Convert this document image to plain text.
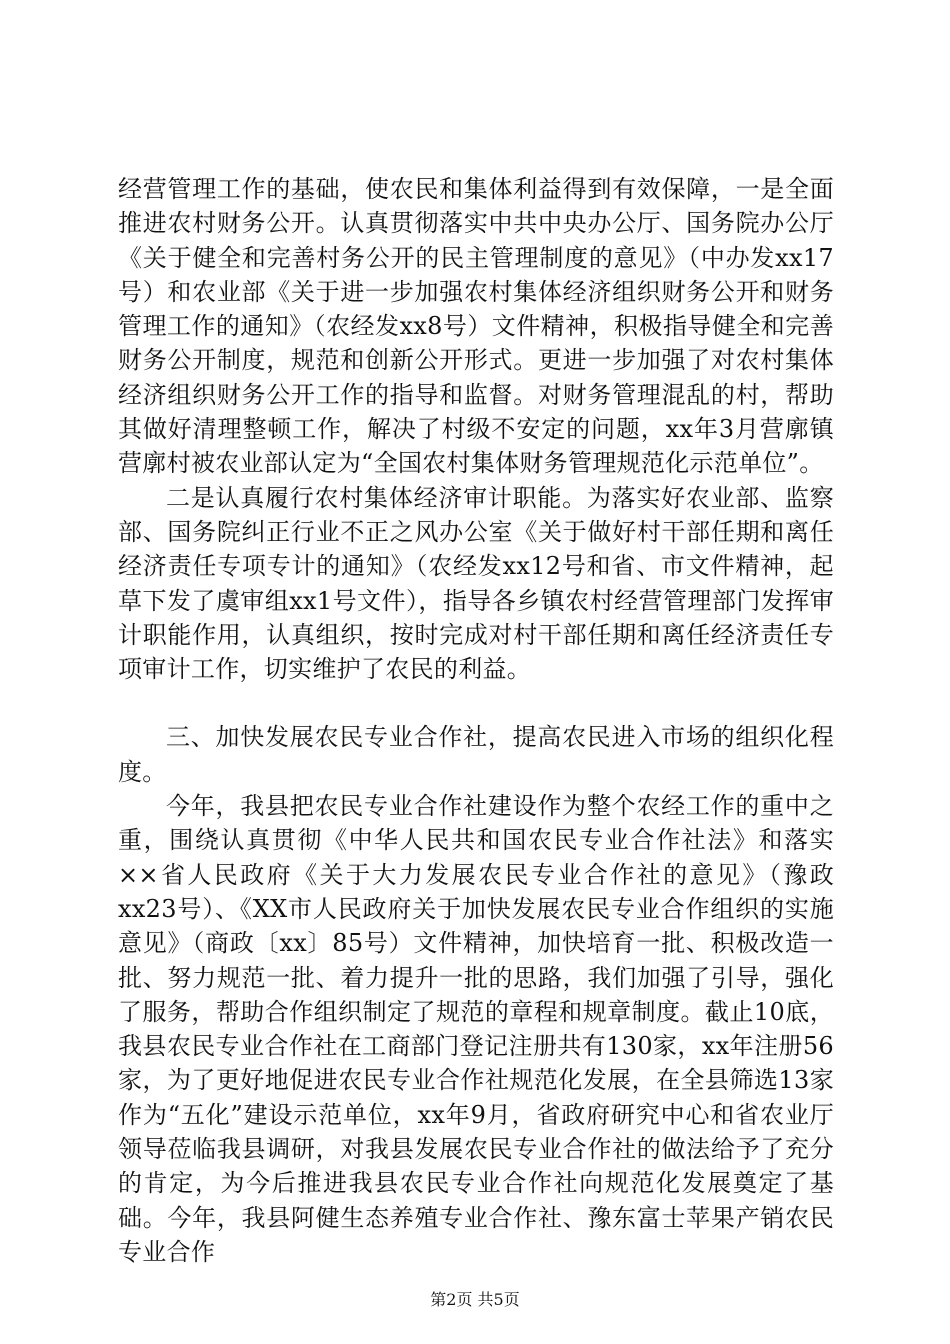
经营管理工作的基础，使农民和集体利益得到有效保障，一是全面推进农村财务公开。认真贯彻落实中共中央办公厅、国务院办公厅《关于健全和完善村务公开的民主管理制度的意见》（中办发xx17号）和农业部《关于进一步加强农村集体经济组织财务公开和财务管理工作的通知》（农经发xx8号）文件精神，积极指导健全和完善财务公开制度，规范和创新公开形式。更进一步加强了对农村集体经济组织财务公开工作的指导和监督。对财务管理混乱的村，帮助其做好清理整顿工作，解决了村级不安定的问题，xx年3月营廓镇营廓村被农业部认定为“全国农村集体财务管理规范化示范单位”。

二是认真履行农村集体经济审计职能。为落实好农业部、监察部、国务院纠正行业不正之风办公室《关于做好村干部任期和离任经济责任专项专计的通知》（农经发xx12号和省、市文件精神，起草下发了虞审组xx1号文件），指导各乡镇农村经营管理部门发挥审计职能作用，认真组织，按时完成对村干部任期和离任经济责任专项审计工作，切实维护了农民的利益。

三、加快发展农民专业合作社，提高农民进入市场的组织化程度。

今年，我县把农民专业合作社建设作为整个农经工作的重中之重，围绕认真贯彻《中华人民共和国农民专业合作社法》和落实××省人民政府《关于大力发展农民专业合作社的意见》（豫政xx23号）、《XX市人民政府关于加快发展农民专业合作组织的实施意见》（商政〔xx〕85号）文件精神，加快培育一批、积极改造一批、努力规范一批、着力提升一批的思路，我们加强了引导，强化了服务，帮助合作组织制定了规范的章程和规章制度。截止10底，我县农民专业合作社在工商部门登记注册共有130家，xx年注册56家，为了更好地促进农民专业合作社规范化发展，在全县筛选13家作为“五化”建设示范单位，xx年9月，省政府研究中心和省农业厅领导莅临我县调研，对我县发展农民专业合作社的做法给予了充分的肯定，为今后推进我县农民专业合作社向规范化发展奠定了基础。今年，我县阿健生态养殖专业合作社、豫东富士苹果产销农民专业合作

第2页 共5页
